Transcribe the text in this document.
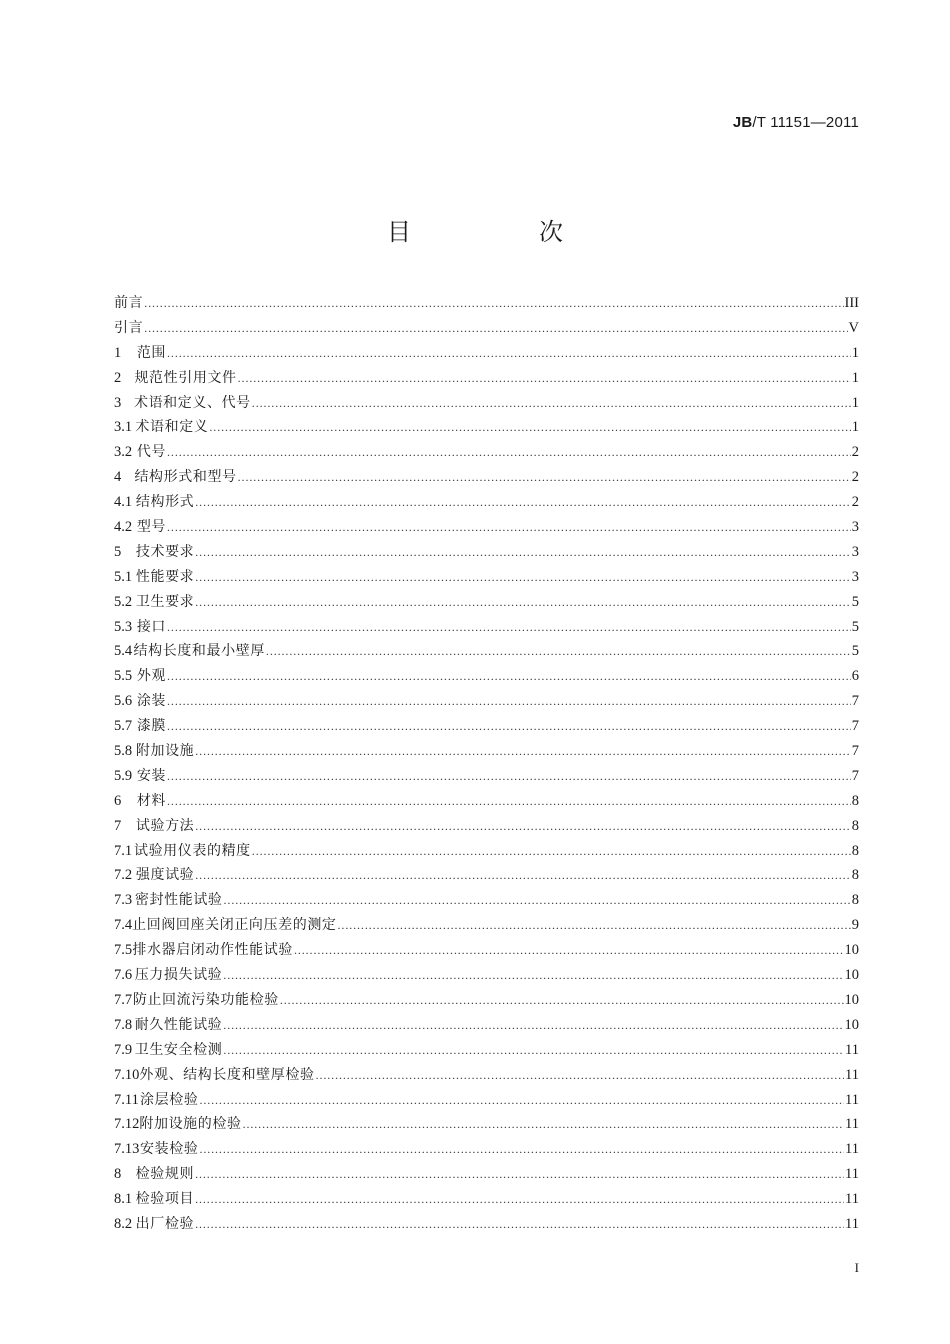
JB/T 11151—2011
目　次
前言 .....	III
引言 .....	V
1	范围 .....	1
2 规范性引用文件 .....	1
3 术语和定义、代号 .....	1
3.1 术语和定义 .....	1
3.2 代号 .....	2
4 结构形式和型号 .....	2
4.1 结构形式 .....	2
4.2 型号 .....	3
5	技术要求 .....	3
5.1 性能要求 .....	3
5.2 卫生要求 .....	5
5.3 接口 .....	5
5.4 结构长度和最小壁厚 .....	5
5.5 外观 .....	6
5.6 涂装 .....	7
5.7 漆膜 .....	7
5.8 附加设施 .....	7
5.9 安装 .....	7
6	材料 .....	8
7	试验方法 .....	8
7.1 试验用仪表的精度 .....	8
7.2 强度试验 .....	8
7.3 密封性能试验 .....	8
7.4 止回阀回座关闭正向压差的测定 .....	9
7.5 排水器启闭动作性能试验 .....	10
7.6 压力损失试验 .....	10
7.7 防止回流污染功能检验 .....	10
7.8 耐久性能试验 .....	10
7.9 卫生安全检测 .....	11
7.10 外观、结构长度和壁厚检验 .....	11
7.11 涂层检验 .....	11
7.12 附加设施的检验 .....	11
7.13 安装检验 .....	11
8	检验规则 .....	11
8.1 检验项目 .....	11
8.2 出厂检验 .....	11
I
